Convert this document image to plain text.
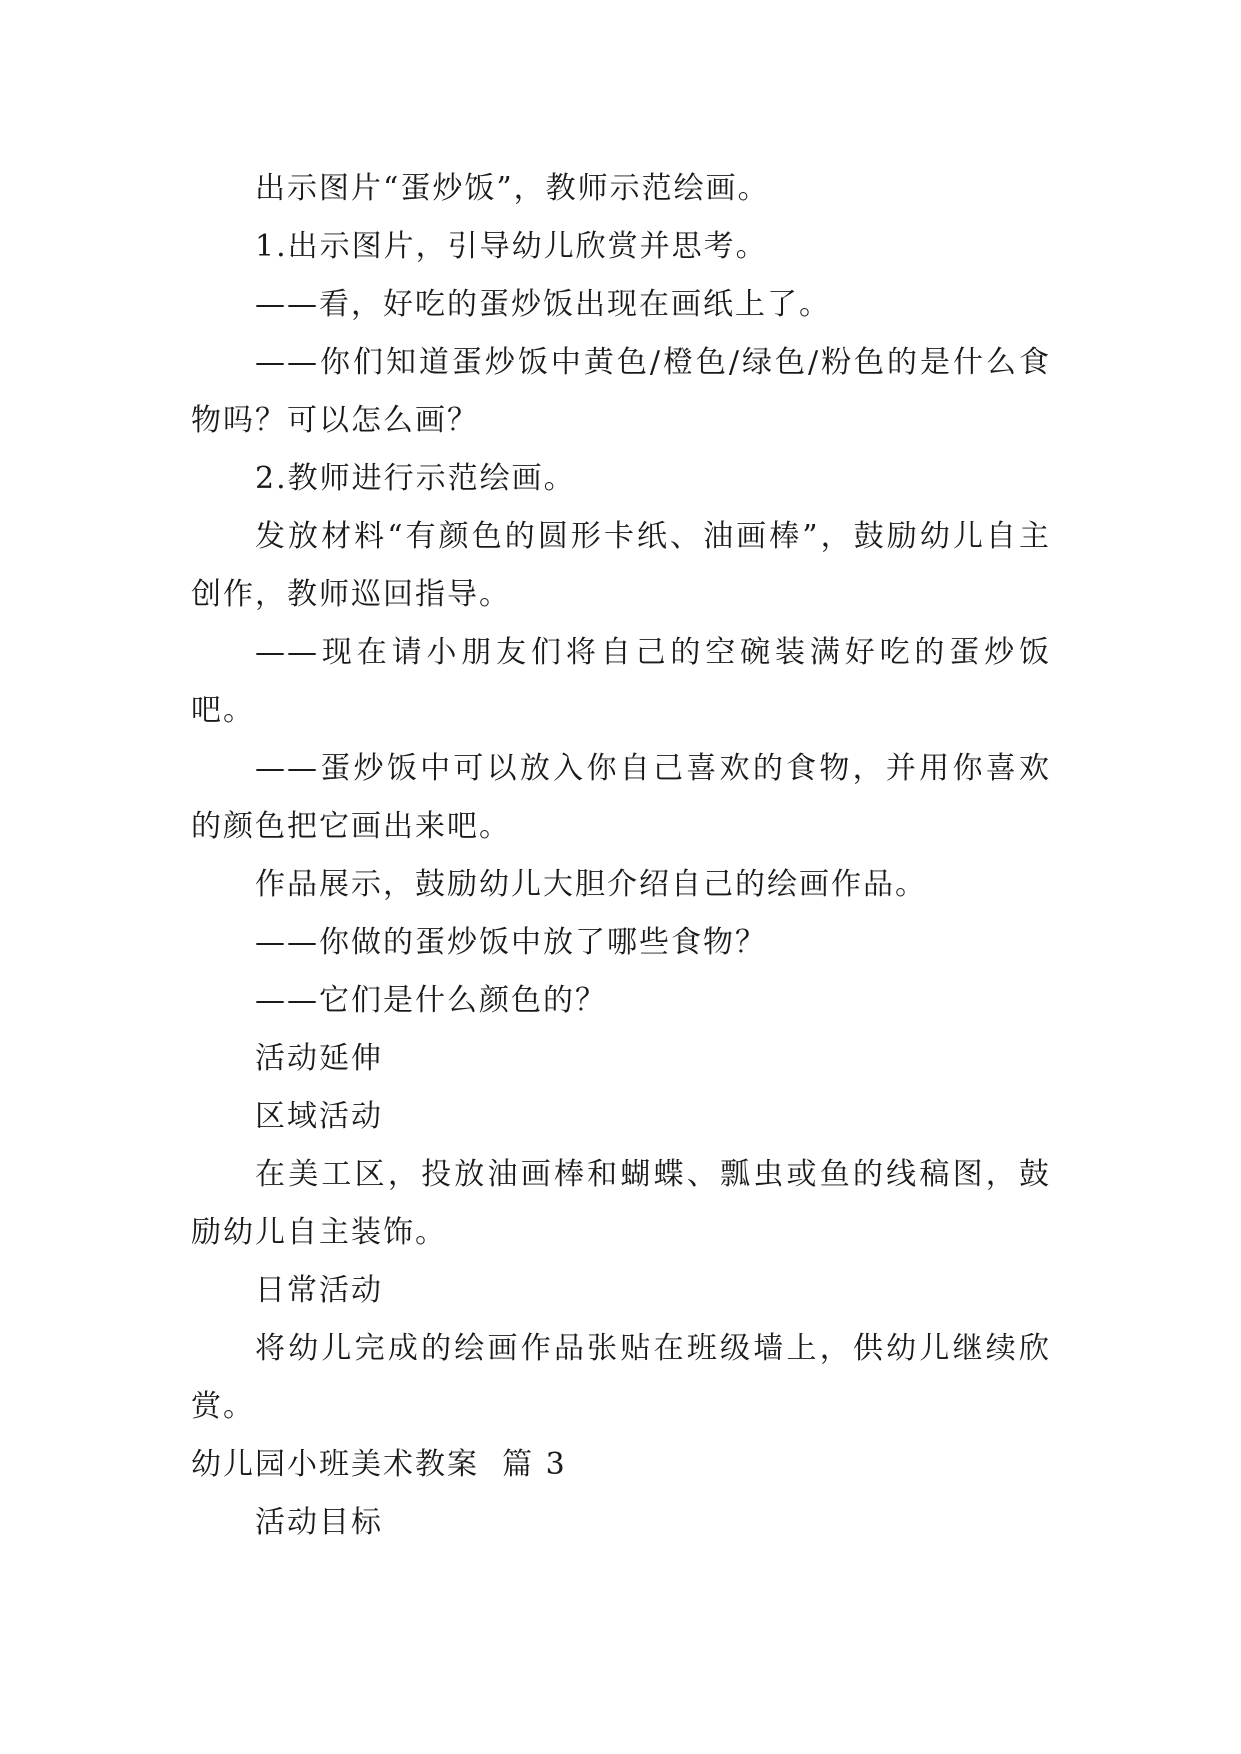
出示图片“蛋炒饭”，教师示范绘画。

1.出示图片，引导幼儿欣赏并思考。

——看，好吃的蛋炒饭出现在画纸上了。

——你们知道蛋炒饭中黄色/橙色/绿色/粉色的是什么食物吗？可以怎么画？

2.教师进行示范绘画。

发放材料“有颜色的圆形卡纸、油画棒”，鼓励幼儿自主创作，教师巡回指导。

——现在请小朋友们将自己的空碗装满好吃的蛋炒饭吧。

——蛋炒饭中可以放入你自己喜欢的食物，并用你喜欢的颜色把它画出来吧。

作品展示，鼓励幼儿大胆介绍自己的绘画作品。

——你做的蛋炒饭中放了哪些食物？

——它们是什么颜色的？

活动延伸

区域活动

在美工区，投放油画棒和蝴蝶、瓢虫或鱼的线稿图，鼓励幼儿自主装饰。

日常活动

将幼儿完成的绘画作品张贴在班级墙上，供幼儿继续欣赏。

幼儿园小班美术教案  篇 3

活动目标
